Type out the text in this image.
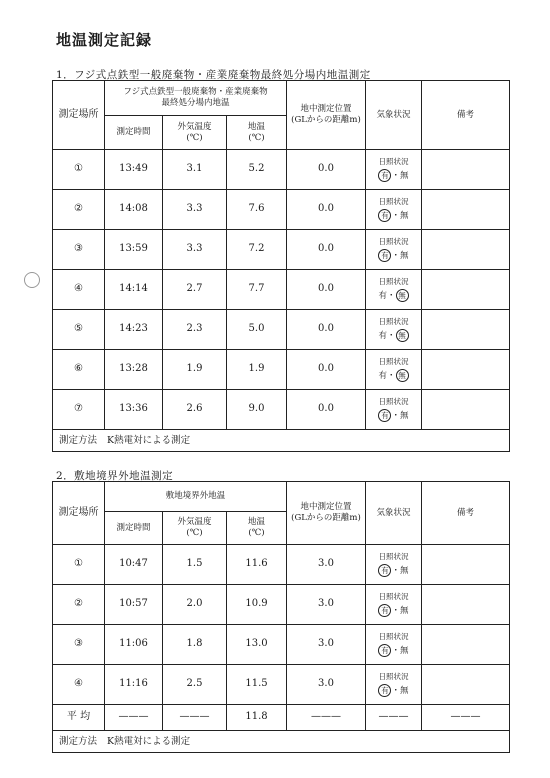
地温測定記録
1．フジ式点鉄型一般廃棄物・産業廃棄物最終処分場内地温測定
測定場所	フジ式点鉄型一般廃棄物・産業廃棄物
最終処分場内地温			地中測定位置
(GLからの距離m)	気象状況	備考
	測定時間	外気温度
(℃)	地温
(℃)			
①	13:49	3.1	5.2	0.0	日照状況
有 ・無	

②	14:08	3.3	7.6	0.0	日照状況
有 ・無	

③	13:59	3.3	7.2	0.0	日照状況
有 ・無	

④	14:14	2.7	7.7	0.0	日照状況
有・ 無	

⑤	14:23	2.3	5.0	0.0	日照状況
有・ 無	

⑥	13:28	1.9	1.9	0.0	日照状況
有・ 無	

⑦	13:36	2.6	9.0	0.0	日照状況
有 ・無	

測定方法 K熱電対による測定						
2．敷地境界外地温測定
測定場所	敷地境界外地温			地中測定位置
(GLからの距離m)	気象状況	備考
	測定時間	外気温度
(℃)	地温
(℃)			
①	10:47	1.5	11.6	3.0	日照状況
有 ・無	

②	10:57	2.0	10.9	3.0	日照状況
有 ・無	

③	11:06	1.8	13.0	3.0	日照状況
有 ・無	

④	11:16	2.5	11.5	3.0	日照状況
有 ・無	

平 均	———	———	11.8	———	———	———
測定方法 K熱電対による測定						
